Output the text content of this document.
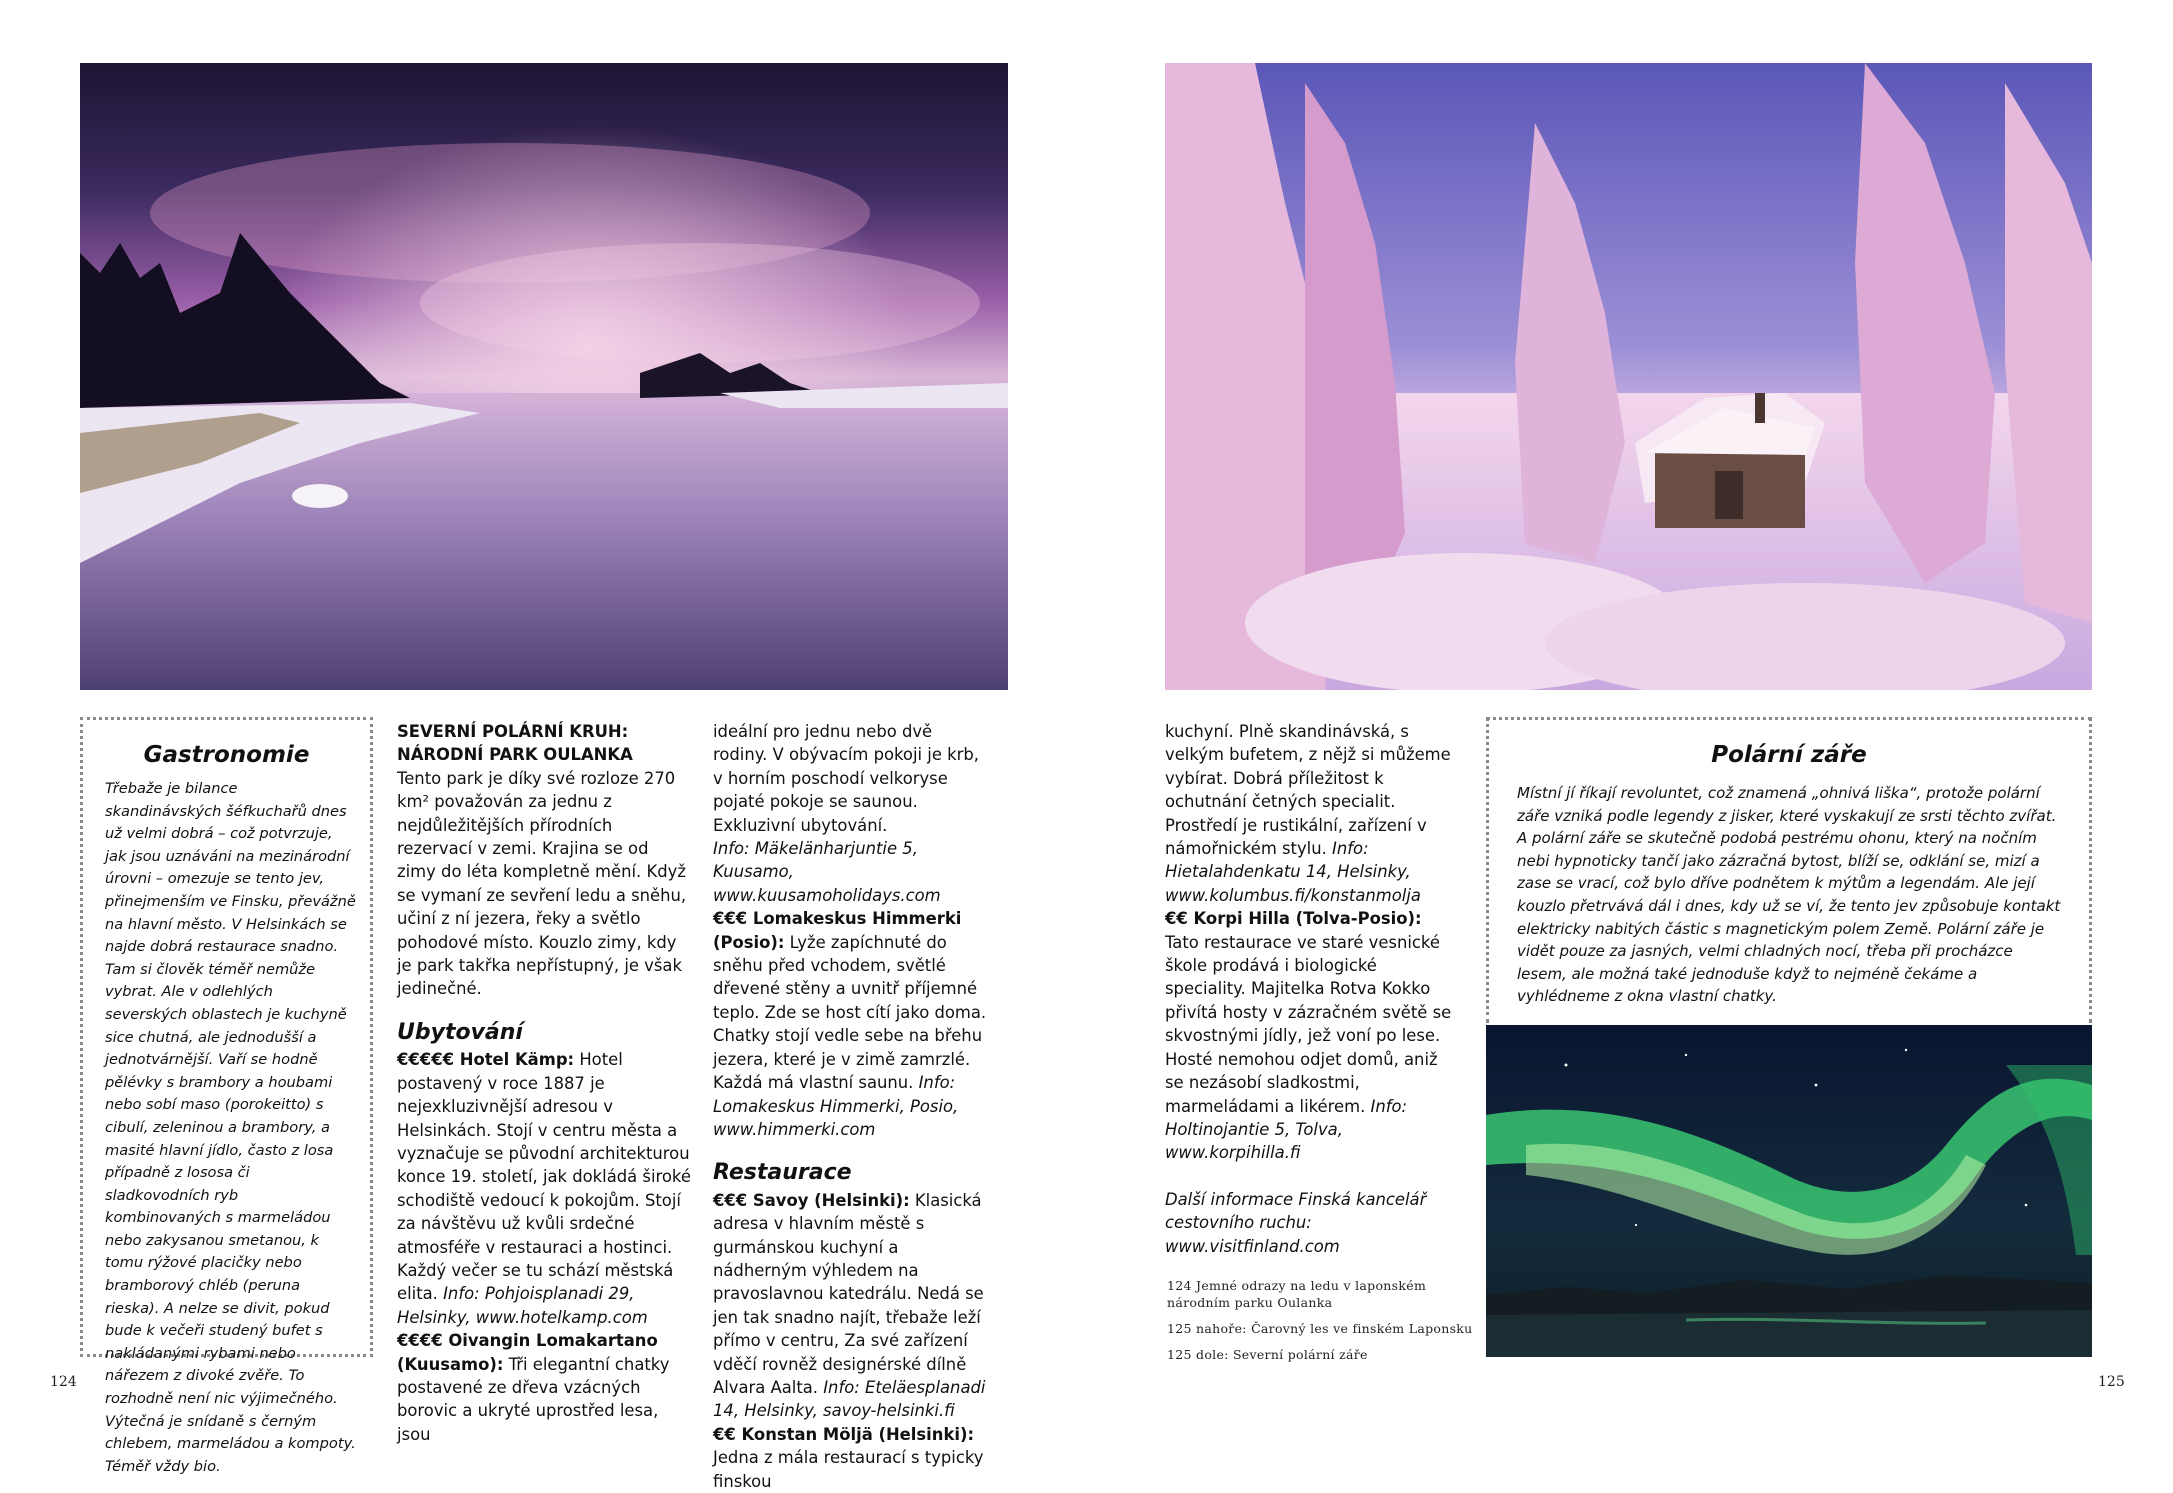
Gastronomie
Třebaže je bilance skandinávských šéfkuchařů dnes už velmi dobrá – což potvrzuje, jak jsou uznáváni na mezinárodní úrovni – omezuje se tento jev, přinejmenším ve Finsku, převážně na hlavní město. V Helsinkách se najde dobrá restaurace snadno. Tam si člověk téměř nemůže vybrat. Ale v odlehlých severských oblastech je kuchyně sice chutná, ale jednodušší a jednotvárnější. Vaří se hodně pělévky s brambory a houbami nebo sobí maso (porokeitto) s cibulí, zeleninou a brambory, a masité hlavní jídlo, často z losa případně z lososa či sladkovodních ryb kombinovaných s marmeládou nebo zakysanou smetanou, k tomu rýžové placičky nebo bramborový chléb (peruna rieska). A nelze se divit, pokud bude k večeři studený bufet s nakládanými rybami nebo nářezem z divoké zvěře. To rozhodně není nic výjimečného. Výtečná je snídaně s černým chlebem, marmeládou a kompoty. Téměř vždy bio.

SEVERNÍ POLÁRNÍ KRUH:

NÁRODNÍ PARK OULANKA

Tento park je díky své rozloze 270 km² považován za jednu z nejdůležitějších přírodních rezervací v zemi. Krajina se od zimy do léta kompletně mění. Když se vymaní ze sevření ledu a sněhu, učiní z ní jezera, řeky a světlo pohodové místo. Kouzlo zimy, kdy je park takřka nepřístupný, je však jedinečné.

Ubytování

€€€€€ Hotel Kämp: Hotel postavený v roce 1887 je nejexkluzivnější adresou v Helsinkách. Stojí v centru města a vyznačuje se původní architekturou konce 19. století, jak dokládá široké schodiště vedoucí k pokojům. Stojí za návštěvu už kvůli srdečné atmosféře v restauraci a hostinci. Každý večer se tu schází městská elita. Info: Pohjoisplanadi 29, Helsinky, www.hotelkamp.com

€€€€ Oivangin Lomakartano (Kuusamo): Tři elegantní chatky postavené ze dřeva vzácných borovic a ukryté uprostřed lesa, jsou

ideální pro jednu nebo dvě rodiny. V obývacím pokoji je krb, v horním poschodí velkoryse pojaté pokoje se saunou. Exkluzivní ubytování.

Info: Mäkelänharjuntie 5, Kuusamo, www.kuusamoholidays.com

€€€ Lomakeskus Himmerki (Posio): Lyže zapíchnuté do sněhu před vchodem, světlé dřevené stěny a uvnitř příjemné teplo. Zde se host cítí jako doma. Chatky stojí vedle sebe na břehu jezera, které je v zimě zamrzlé. Každá má vlastní saunu. Info: Lomakeskus Himmerki, Posio, www.himmerki.com

Restaurace

€€€ Savoy (Helsinki): Klasická adresa v hlavním městě s gurmánskou kuchyní a nádherným výhledem na pravoslavnou katedrálu. Nedá se jen tak snadno najít, třebaže leží přímo v centru, Za své zařízení vděčí rovněž designérské dílně Alvara Aalta. Info: Eteläesplanadi 14, Helsinky, savoy-helsinki.fi

€€ Konstan Möljä (Helsinki): Jedna z mála restaurací s typicky finskou

kuchyní. Plně skandinávská, s velkým bufetem, z nějž si můžeme vybírat. Dobrá příležitost k ochutnání četných specialit. Prostředí je rustikální, zařízení v námořnickém stylu. Info: Hietalahdenkatu 14, Helsinky, www.kolumbus.fi/konstanmolja

€€ Korpi Hilla (Tolva-Posio): Tato restaurace ve staré vesnické škole prodává i biologické speciality. Majitelka Rotva Kokko přivítá hosty v zázračném světě se skvostnými jídly, jež voní po lese. Hosté nemohou odjet domů, aniž se nezásobí sladkostmi, marmeládami a likérem. Info: Holtinojantie 5, Tolva, www.korpihilla.fi

Další informace Finská kancelář cestovního ruchu: www.visitfinland.com

Polární záře
Místní jí říkají revoluntet, což znamená „ohnivá liška“, protože polární záře vzniká podle legendy z jisker, které vyskakují ze srsti těchto zvířat. A polární záře se skutečně podobá pestrému ohonu, který na nočním nebi hypnoticky tančí jako zázračná bytost, blíží se, odklání se, mizí a zase se vrací, což bylo dříve podnětem k mýtům a legendám. Ale její kouzlo přetrvává dál i dnes, kdy už se ví, že tento jev způsobuje kontakt elektricky nabitých částic s magnetickým polem Země. Polární záře je vidět pouze za jasných, velmi chladných nocí, třeba při procházce lesem, ale možná také jednoduše když to nejméně čekáme a vyhlédneme z okna vlastní chatky.
124 Jemné odrazy na ledu v laponském
národním parku Oulanka
125 nahoře: Čarovný les ve finském Laponsku
125 dole: Severní polární záře
124	125
